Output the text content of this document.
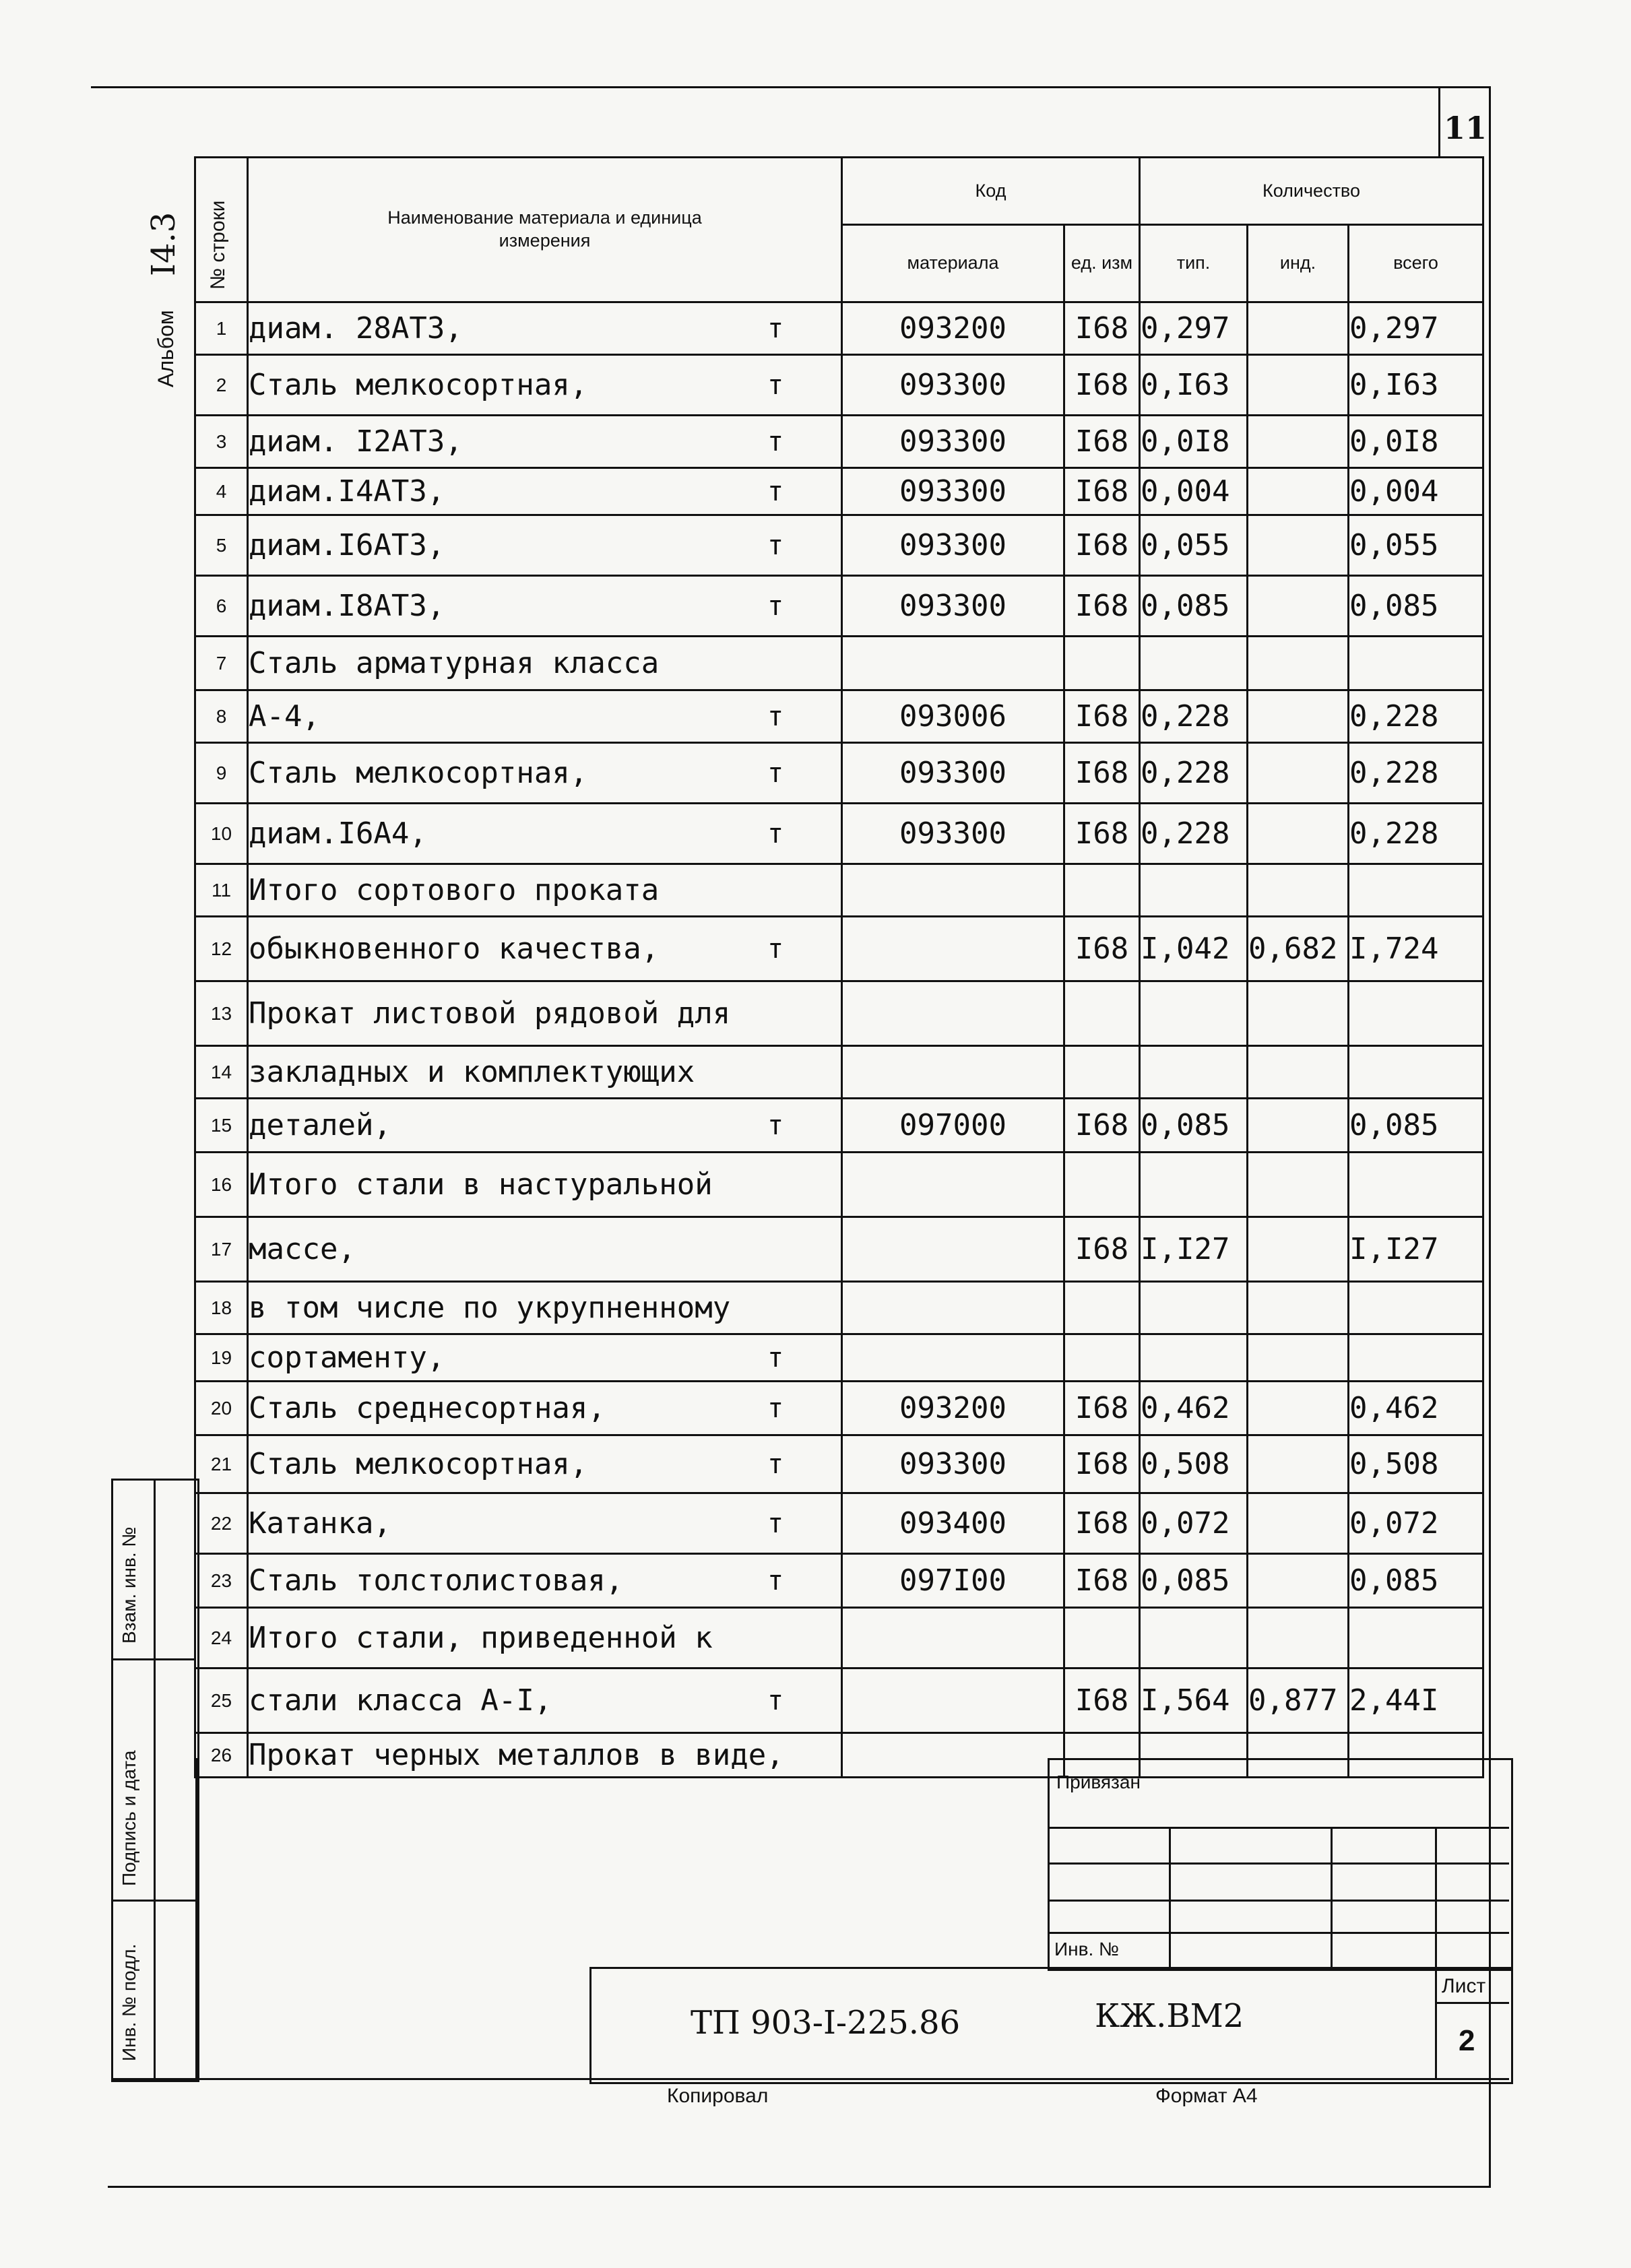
11
I4.3
Альбом
№ строки	Наименование материала и единица измерения	Код		Количество		
		материала	ед. изм	тип.	инд.	всего
1	диам. 28АТ3, т	093200	I68	0,297		0,297
2	Сталь мелкосортная, т	093300	I68	0,I63		0,I63
3	диам. I2АТ3, т	093300	I68	0,0I8		0,0I8
4	диам.I4АТ3, т	093300	I68	0,004		0,004
5	диам.I6АТ3, т	093300	I68	0,055		0,055
6	диам.I8АТ3, т	093300	I68	0,085		0,085
7	Сталь арматурная класса

8	А-4, т	093006	I68	0,228		0,228
9	Сталь мелкосортная, т	093300	I68	0,228		0,228
10	диам.I6А4, т	093300	I68	0,228		0,228
11	Итого сортового проката

12	обыкновенного качества, т		I68	I,042	0,682	I,724
13	Прокат листовой рядовой для

14	закладных и комплектующих

15	деталей, т	097000	I68	0,085		0,085
16	Итого стали в настуральной

17	массе,		I68	I,I27		I,I27
18	в том числе по укрупненному

19	сортаменту, т					

20	Сталь среднесортная, т	093200	I68	0,462		0,462
21	Сталь мелкосортная, т	093300	I68	0,508		0,508
22	Катанка, т	093400	I68	0,072		0,072
23	Сталь толстолистовая, т	097I00	I68	0,085		0,085
24	Итого стали, приведенной к

25	стали класса А-I, т		I68	I,564	0,877	2,44I
26	Прокат черных металлов в виде,

Взам. инв. №
Подпись и дата
Инв. № подл.
Привязан
Инв. №
ТП 903-I-225.86	КЖ.ВМ2
Лист
2
Копировал	Формат А4
